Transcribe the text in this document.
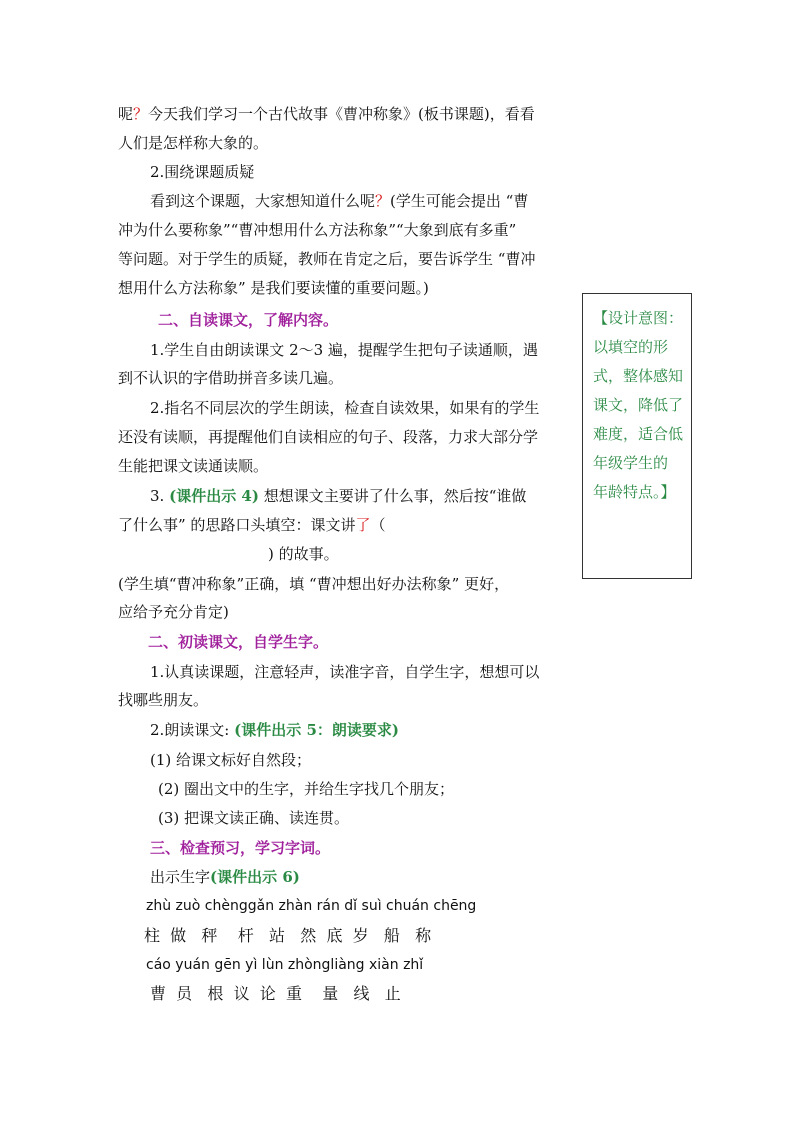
呢？今天我们学习一个古代故事《曹冲称象》(板书课题)，看看
人们是怎样称大象的。
2.围绕课题质疑
看到这个课题，大家想知道什么呢？(学生可能会提出 “曹
冲为什么要称象”“曹冲想用什么方法称象”“大象到底有多重”
等问题。对于学生的质疑，教师在肯定之后，要告诉学生 “曹冲
想用什么方法称象” 是我们要读懂的重要问题。)
二、自读课文，了解内容。
1.学生自由朗读课文 2～3 遍，提醒学生把句子读通顺，遇
到不认识的字借助拼音多读几遍。
2.指名不同层次的学生朗读，检查自读效果，如果有的学生
还没有读顺，再提醒他们自读相应的句子、段落，力求大部分学
生能把课文读通读顺。
3. (课件出示 4) 想想课文主要讲了什么事，然后按“谁做
了什么事” 的思路口头填空：课文讲了（
) 的故事。
(学生填“曹冲称象”正确，填 “曹冲想出好办法称象” 更好，
应给予充分肯定)
二、初读课文，自学生字。
1.认真读课题，注意轻声，读准字音，自学生字，想想可以
找哪些朋友。
2.朗读课文: (课件出示 5：朗读要求)
(1) 给课文标好自然段；
(2) 圈出文中的生字，并给生字找几个朋友；
(3) 把课文读正确、读连贯。
三、检查预习，学习字词。
出示生字(课件出示 6)
zhù zuò chènggǎn zhàn rán dǐ suì chuán chēng
柱  做   秤    杆   站   然  底  岁   船   称
cáo yuán gēn yì lùn zhòngliàng xiàn zhǐ
曹  员   根  议  论  重    量   线   止
【设计意图：
以填空的形
式，整体感知
课文，降低了
难度，适合低
年级学生的
年龄特点。】
